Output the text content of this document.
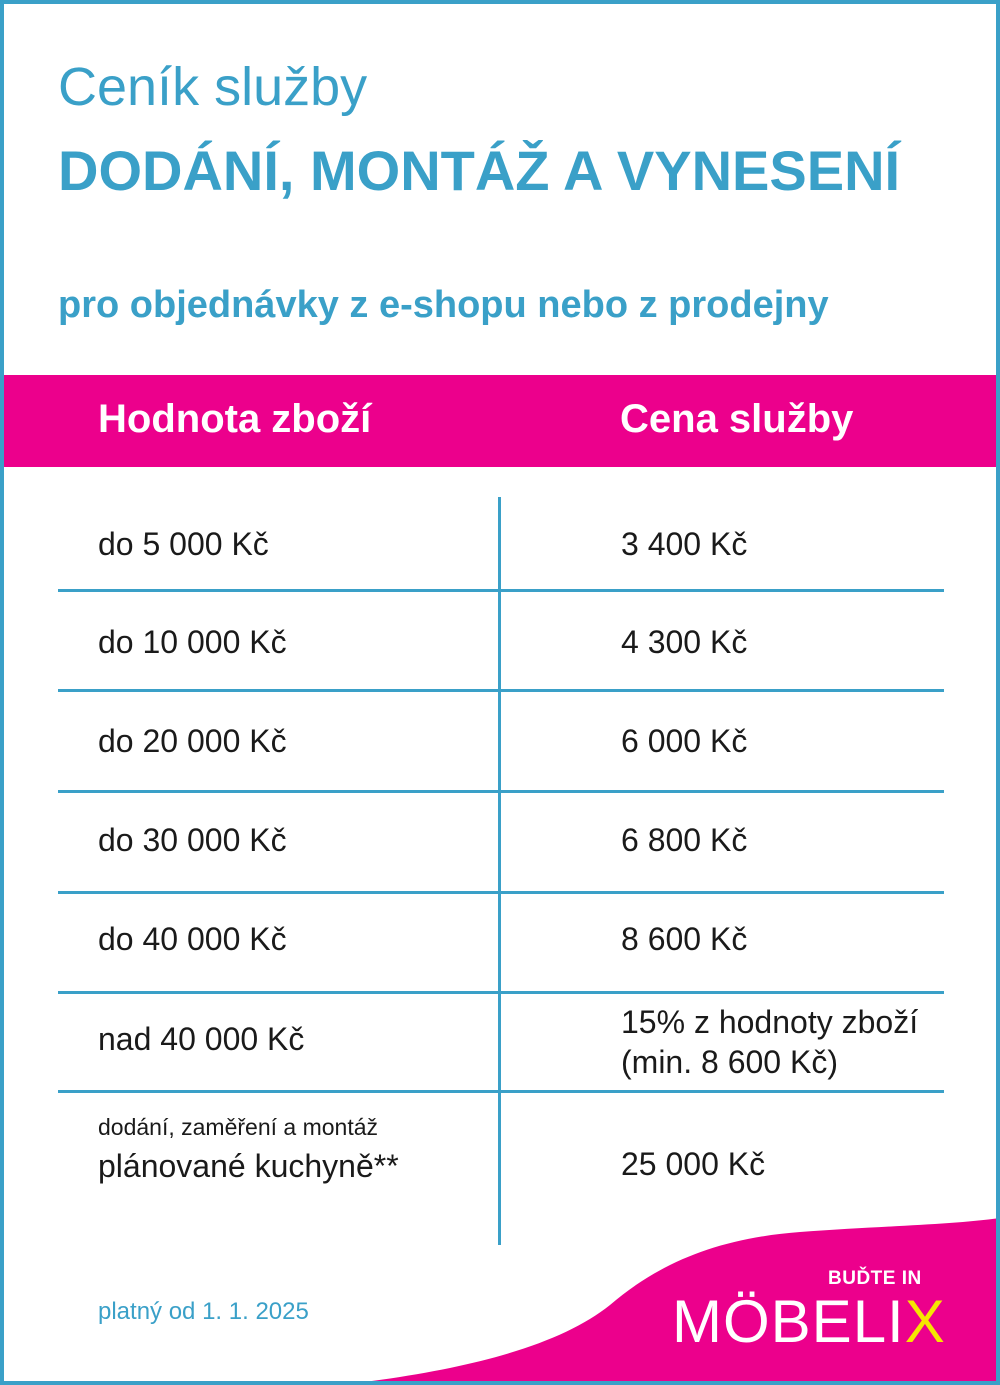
Ceník služby
DODÁNÍ, MONTÁŽ A VYNESENÍ
pro objednávky z e-shopu nebo z prodejny
Hodnota zboží	Cena služby
do 5 000 Kč	3 400 Kč
do 10 000 Kč	4 300 Kč
do 20 000 Kč	6 000 Kč
do 30 000 Kč	6 800 Kč
do 40 000 Kč	8 600 Kč
nad 40 000 Kč	15% z hodnoty zboží
(min. 8 600 Kč)
dodání, zaměření a montáž
plánované kuchyně**	25 000 Kč
platný od 1. 1. 2025
BUĎTE IN
MÖBELIX
